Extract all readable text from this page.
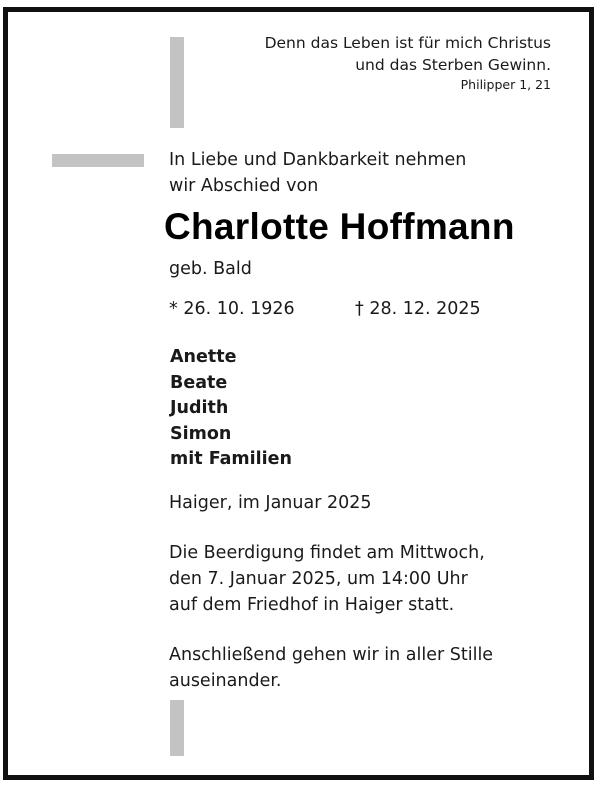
Denn das Leben ist für mich Christus
und das Sterben Gewinn.
Philipper 1, 21
In Liebe und Dankbarkeit nehmen
wir Abschied von
Charlotte Hoffmann
geb. Bald
* 26. 10. 1926	† 28. 12. 2025
Anette
Beate
Judith
Simon
mit Familien
Haiger, im Januar 2025
Die Beerdigung findet am Mittwoch,
den 7. Januar 2025, um 14:00 Uhr
auf dem Friedhof in Haiger statt.
Anschließend gehen wir in aller Stille
auseinander.
